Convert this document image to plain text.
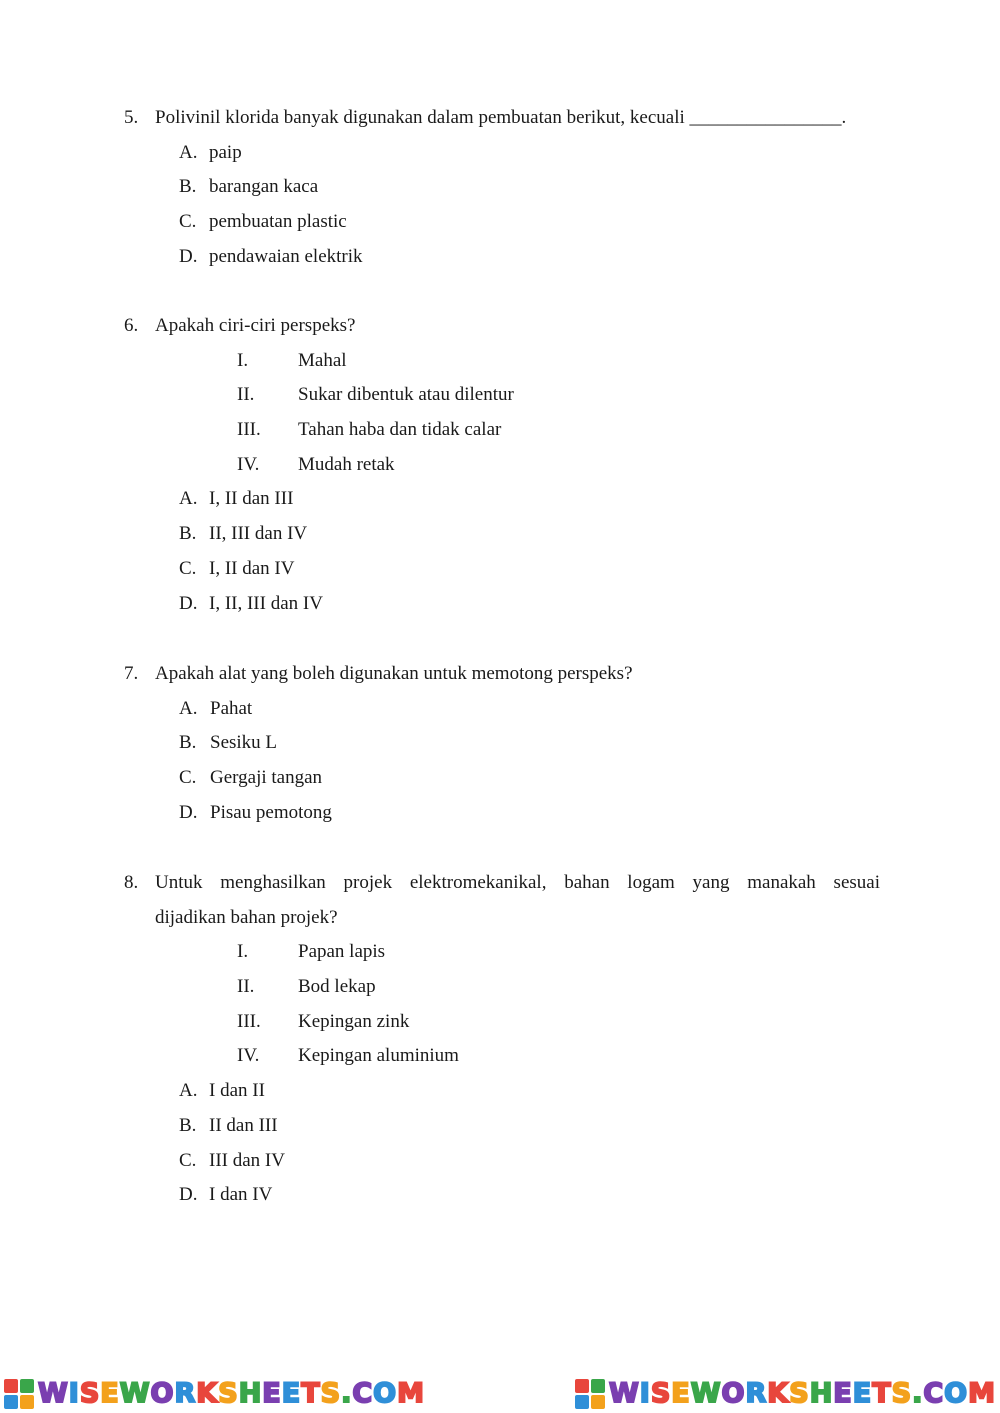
5. Polivinil klorida banyak digunakan dalam pembuatan berikut, kecuali ________________.
A. paip
B. barangan kaca
C. pembuatan plastic
D. pendawaian elektrik
6. Apakah ciri-ciri perspeks?
I.	Mahal
II. Sukar dibentuk atau dilentur
III. Tahan haba dan tidak calar
IV. Mudah retak
A. I, II dan III
B. II, III dan IV
C. I, II dan IV
D. I, II, III dan IV
7. Apakah alat yang boleh digunakan untuk memotong perspeks?
A. Pahat
B. Sesiku L
C. Gergaji tangan
D. Pisau pemotong
8. Untuk menghasilkan projek elektromekanikal, bahan logam yang manakah sesuai
dijadikan bahan projek?
I.	Papan lapis
II. Bod lekap
III. Kepingan zink
IV. Kepingan aluminium
A. I dan II
B. II dan III
C. III dan IV
D. I dan IV
WISEWORKSHEETS.COM	WISEWORKSHEETS.COM
